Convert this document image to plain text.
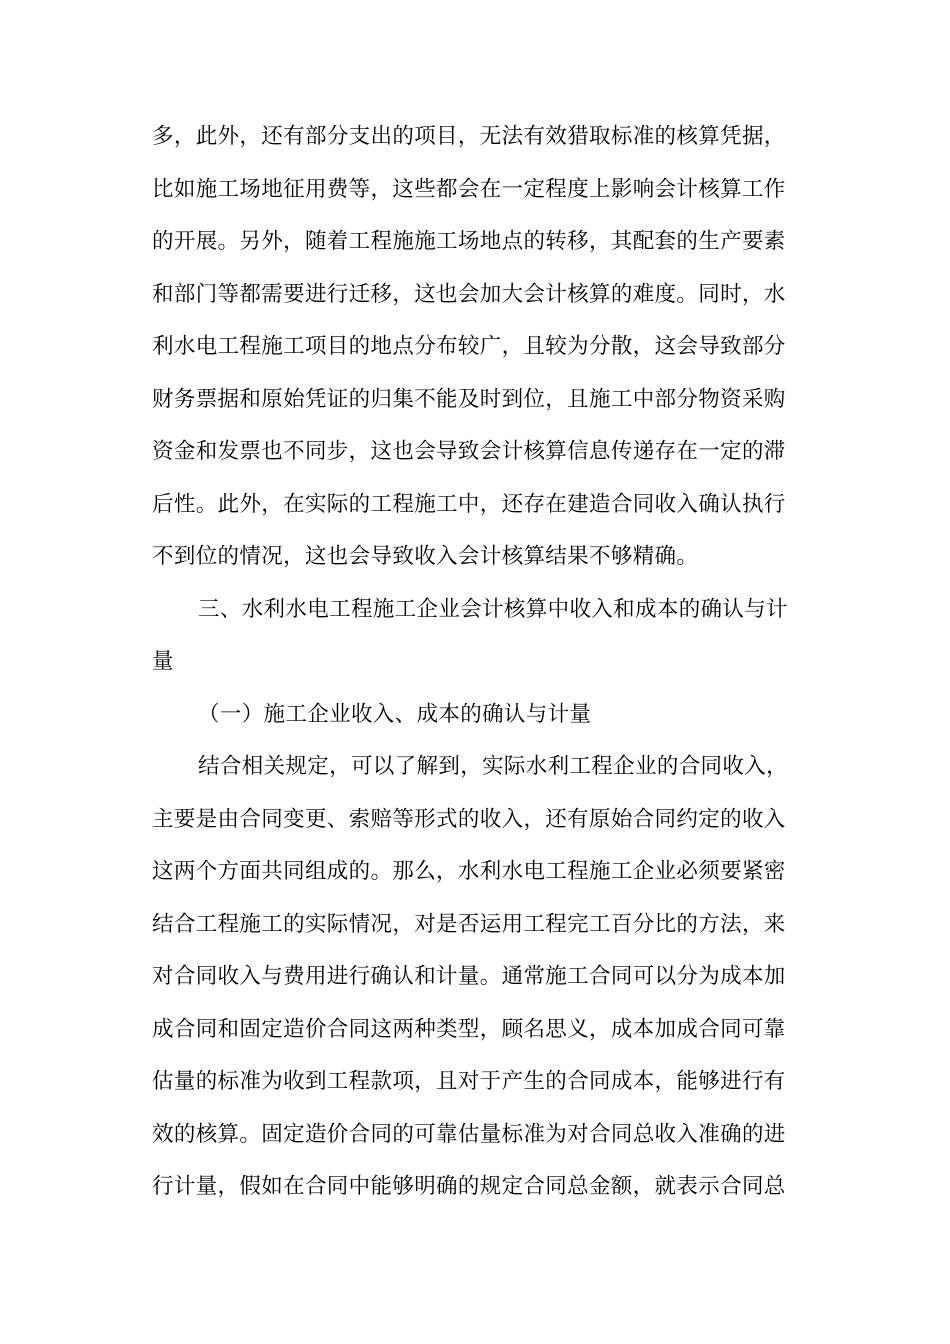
多，此外，还有部分支出的项目，无法有效猎取标准的核算凭据，
比如施工场地征用费等，这些都会在一定程度上影响会计核算工作
的开展。另外，随着工程施施工场地点的转移，其配套的生产要素
和部门等都需要进行迁移，这也会加大会计核算的难度。同时，水
利水电工程施工项目的地点分布较广，且较为分散，这会导致部分
财务票据和原始凭证的归集不能及时到位，且施工中部分物资采购
资金和发票也不同步，这也会导致会计核算信息传递存在一定的滞
后性。此外，在实际的工程施工中，还存在建造合同收入确认执行
不到位的情况，这也会导致收入会计核算结果不够精确。
三、水利水电工程施工企业会计核算中收入和成本的确认与计
量
（一）施工企业收入、成本的确认与计量
结合相关规定，可以了解到，实际水利工程企业的合同收入，
主要是由合同变更、索赔等形式的收入，还有原始合同约定的收入
这两个方面共同组成的。那么，水利水电工程施工企业必须要紧密
结合工程施工的实际情况，对是否运用工程完工百分比的方法，来
对合同收入与费用进行确认和计量。通常施工合同可以分为成本加
成合同和固定造价合同这两种类型，顾名思义，成本加成合同可靠
估量的标准为收到工程款项，且对于产生的合同成本，能够进行有
效的核算。固定造价合同的可靠估量标准为对合同总收入准确的进
行计量，假如在合同中能够明确的规定合同总金额，就表示合同总
